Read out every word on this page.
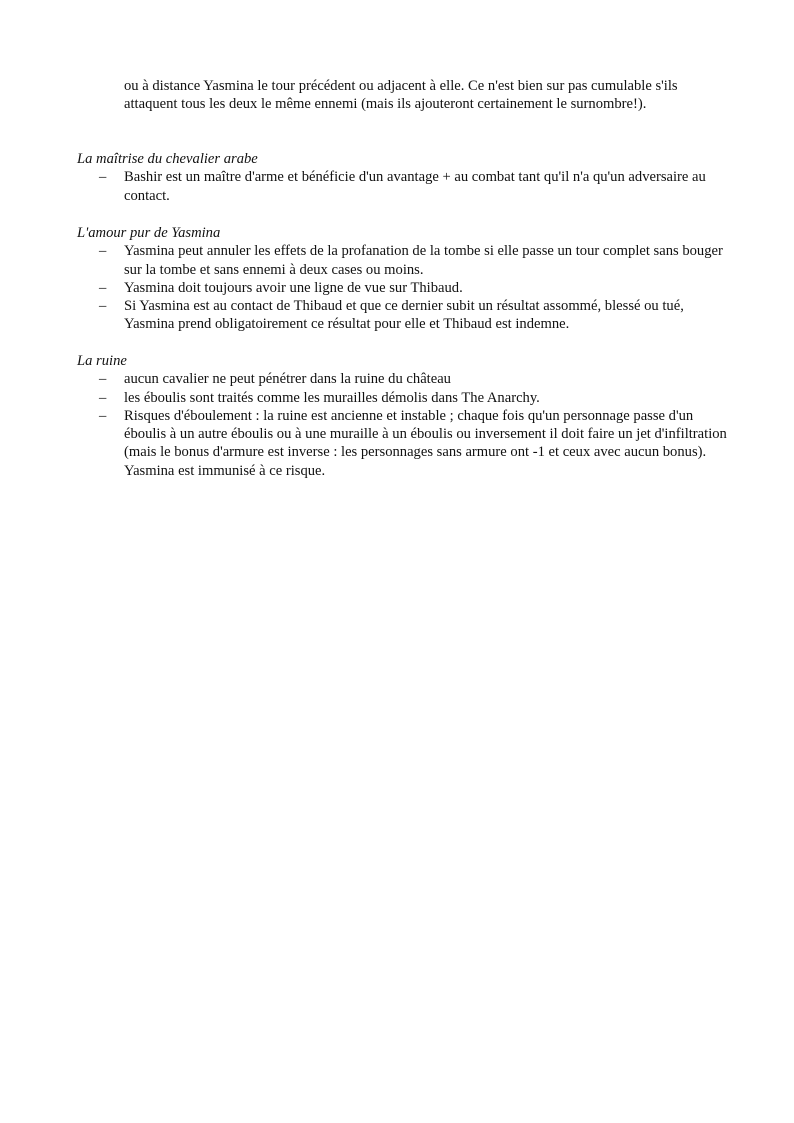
ou à distance Yasmina le tour précédent ou adjacent à elle. Ce n'est bien sur pas cumulable s'ils attaquent tous les deux le même ennemi (mais ils ajouteront certainement le surnombre!).

La maîtrise du chevalier arabe

– Bashir est un maître d'arme et bénéficie d'un avantage + au combat tant qu'il n'a qu'un adversaire au contact.

L'amour pur de Yasmina

– Yasmina peut annuler les effets de la profanation de la tombe si elle passe un tour complet sans bouger sur la tombe et sans ennemi à deux cases ou moins.
– Yasmina doit toujours avoir une ligne de vue sur Thibaud.
– Si Yasmina est au contact de Thibaud et que ce dernier subit un résultat assommé, blessé ou tué, Yasmina prend obligatoirement ce résultat pour elle et Thibaud est indemne.

La ruine

– aucun cavalier ne peut pénétrer dans la ruine du château
– les éboulis sont traités comme les murailles démolis dans The Anarchy.
– Risques d'éboulement : la ruine est ancienne et instable ; chaque fois qu'un personnage passe d'un éboulis à un autre éboulis ou à une muraille à un éboulis ou inversement il doit faire un jet d'infiltration (mais le bonus d'armure est inverse : les personnages sans armure ont -1 et ceux avec aucun bonus). Yasmina est immunisé à ce risque.
